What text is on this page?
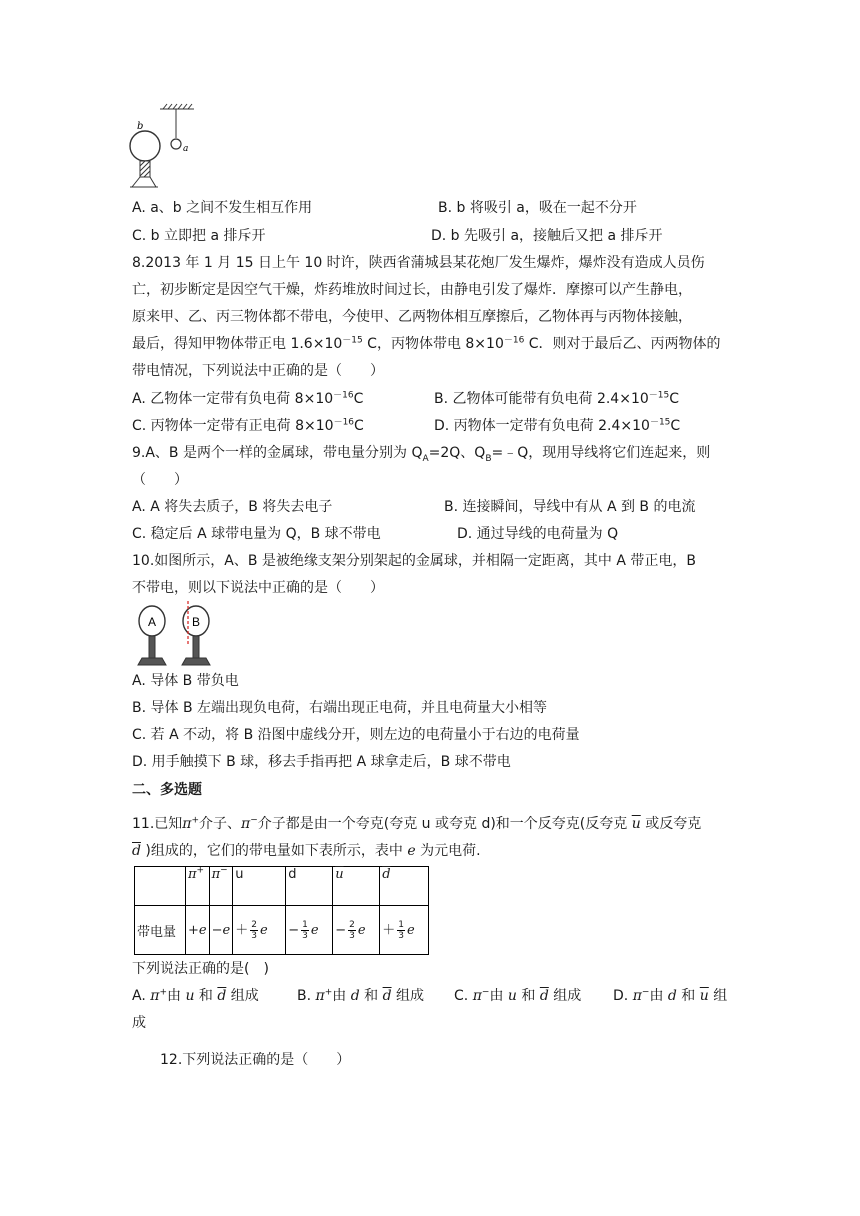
a
b
A. a、b 之间不发生相互作用	B. b 将吸引 a，吸在一起不分开
C. b 立即把 a 排斥开	D. b 先吸引 a，接触后又把 a 排斥开
8.2013 年 1 月 15 日上午 10 时许，陕西省蒲城县某花炮厂发生爆炸，爆炸没有造成人员伤
亡，初步断定是因空气干燥，炸药堆放时间过长，由静电引发了爆炸．摩擦可以产生静电，
原来甲、乙、丙三物体都不带电，今使甲、乙两物体相互摩擦后，乙物体再与丙物体接触，
最后，得知甲物体带正电 $1.6\times 10^{-15}$ C，丙物体带电 $8\times 10^{-16}$ C．则对于最后乙、丙两物体的
带电情况，下列说法中正确的是（　　）
A. 乙物体一定带有负电荷 $8\times 10^{-16}C$	B. 乙物体可能带有负电荷 $2.4\times 10^{-15}C$
C. 丙物体一定带有正电荷 $8\times 10^{-16}C$	D. 丙物体一定带有负电荷 $2.4\times 10^{-15}C$
9.A、B 是两个一样的金属球，带电量分别为 $Q_A=2Q$、$Q_B=﹣Q$，现用导线将它们连起来，则
（　　）
A. A 将失去质子，B 将失去电子	B. 连接瞬间，导线中有从 A 到 B 的电流
C. 稳定后 A 球带电量为 Q，B 球不带电	D. 通过导线的电荷量为 Q
10.如图所示，A、B 是被绝缘支架分别架起的金属球，并相隔一定距离，其中 A 带正电，B
不带电，则以下说法中正确的是（　　）
A	B
A. 导体 B 带负电
B. 导体 B 左端出现负电荷，右端出现正电荷，并且电荷量大小相等
C. 若 A 不动，将 B 沿图中虚线分开，则左边的电荷量小于右边的电荷量
D. 用手触摸下 B 球，移去手指再把 A 球拿走后，B 球不带电
二、多选题
11.已知π+介子、π−介子都是由一个夸克(夸克 u 或夸克 d)和一个反夸克(反夸克 $\overline{u}$ 或反夸克
$\overline{d}$ )组成的，它们的带电量如下表所示，表中 e 为元电荷.
	π+	π−	u	d	$\overline{u}$	$\overline{d}$
带电量	+e	−e	＋ $\frac{2}{3}$ e	− $\frac{1}{3}$ e	− $\frac{2}{3}$ e	＋ $\frac{1}{3}$ e
下列说法正确的是(　)
A. π+由 u 和 $\overline{d}$ 组成	B. π+由 d 和 $\overline{d}$ 组成 C. π−由 u 和 $\overline{d}$ 组成 D. π−由 d 和 $\overline{u}$ 组
成
12.下列说法正确的是（　　）
